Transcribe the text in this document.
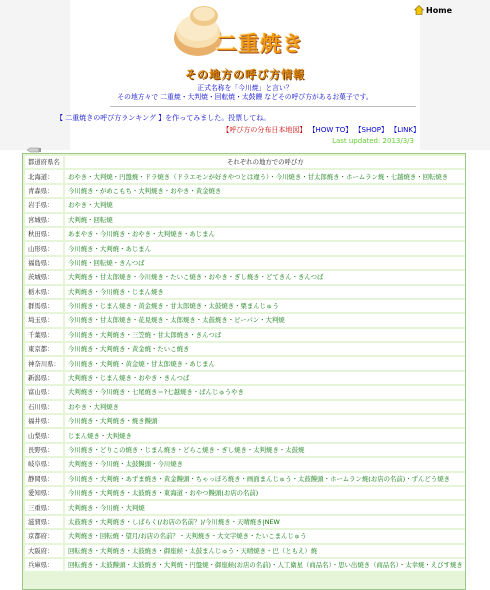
Home
二重焼き
その地方の呼び方情報
正式名称を「今川焼」と言い？
その地方々で 二重焼・大判焼・回転焼・太鼓饅 などその呼び方があるお菓子です。
【 二重焼きの呼び方ランキング 】を作ってみました。投票してね。
【呼び方の分布日本地図】 【HOW TO】 【SHOP】 【LINK】
Last updated: 2013/3/3
都道府県名	それぞれの地方での呼び方
北海道：	おやき・大判焼・円盤焼・ドラ焼き（ドラエモンが好きやつとは違う）・今川焼き・甘太郎焼き・ホームラン焼・七越焼き・回転焼き
青森県：	今川焼き・がめこもち・大判焼き・おやき・黄金焼き
岩手県：	おやき・大判焼
宮城県：	大判焼・回転焼
秋田県：	あまやき・今川焼き・おやき・大判焼き・あじまん
山形県：	今川焼き・大判焼・あじまん
福島県：	今川焼・回転焼・きんつば
茨城県：	大判焼き・甘太郎焼き・今川焼き・たいこ焼き・おやき・ぎし焼き・どてきん・きんつば
栃木県：	大判焼き・今川焼き・じまん焼き
群馬県：	今川焼き・じまん焼き・黄金焼き・甘太郎焼き・太鼓焼き・栗まんじゅう
埼玉県：	今川焼き・甘太郎焼き・花見焼き・太郎焼き・太鼓焼き・ピーパン・大判焼
千葉県：	今川焼き・大判焼き・三笠焼・甘太郎焼き・きんつば
東京都：	今川焼き・大判焼き・黄金焼・たいこ焼き
神奈川県：	今川焼き・大判焼・黄金焼・甘太郎焼き・あじまん
新潟県：	大判焼き・じまん焼き・おやき・きんつば
富山県：	大判焼き・今川焼き・七尾焼き＝?七越焼き・ばんじゅうやき
石川県：	おやき・大判焼き
福井県：	今川焼き・大判焼き・焼き饅頭
山梨県：	じまん焼き・大判焼き
長野県：	今川焼き・どりこの焼き・じまん焼き・どらこ焼き・ぎし焼き・太判焼き・太鼓焼
岐阜県：	大判焼き・今川焼・太鼓饅頭・今川焼き
静岡県：	今川焼き・大判焼・あずま焼き・黄金饅頭・ちゃっぽろ焼き・画面まんじゅう・太鼓饅頭・ホームラン焼(お店の名前)・ずんどう焼き
愛知県：	今川焼き・大判焼き・太鼓焼き・東海道・おやつ饅頭(お店の名前)
三重県：	大判焼き・今川焼・大判焼
滋賀県：	太鼓焼き・大判焼き・しばらく(/お店の名前？)/今川焼き・天晴焼き|NEW
京都府：	大判焼き・回転焼・望月/お店の名前？・天判焼き・大文字焼き・たいこまんじゅう
大阪府：	回転焼き・大判焼き・太鼓焼き・御座候・太鼓まんじゅう・天晴焼き・巴（ともえ）焼
兵庫県：	回転焼き・太鼓饅頭・太鼓焼き・大判焼・円盤焼・御座候(お店の名前)・人工衛星（商品名）・思い出焼き（商品名）・太幸焼・えびす焼き
